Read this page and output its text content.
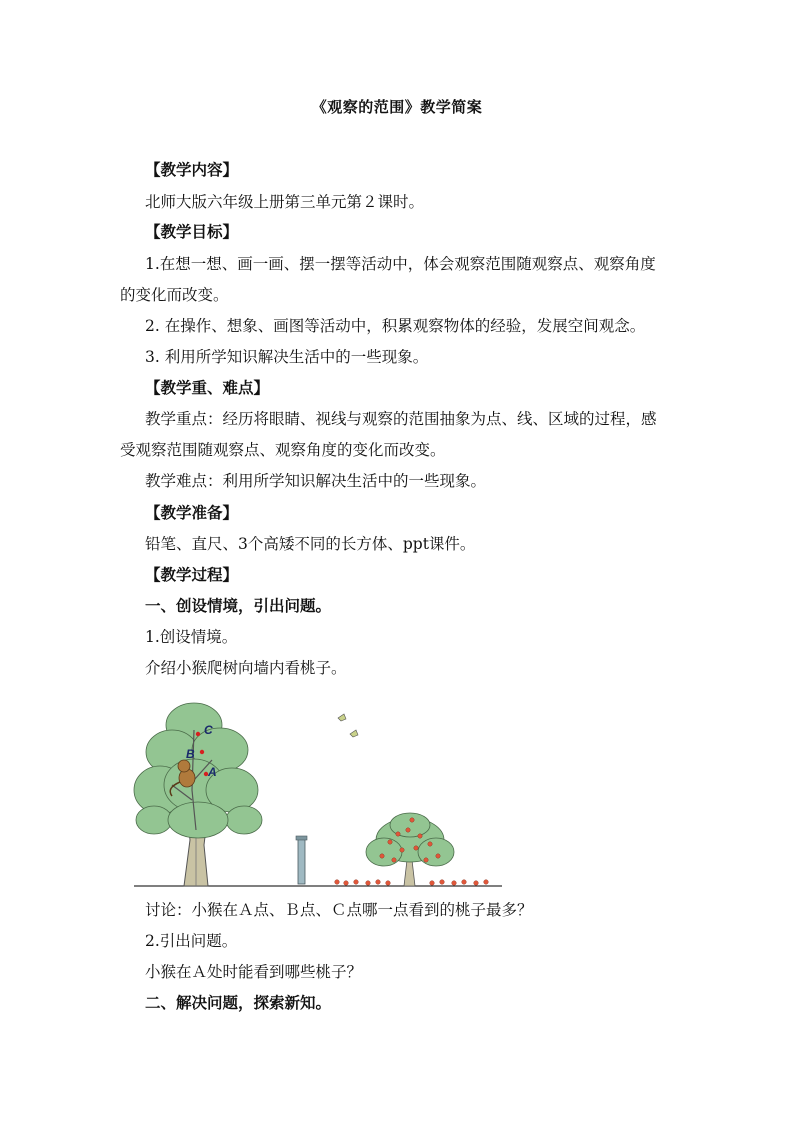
《观察的范围》教学简案
【教学内容】
北师大版六年级上册第三单元第２课时。
【教学目标】
1.在想一想、画一画、摆一摆等活动中，体会观察范围随观察点、观察角度
的变化而改变。
2. 在操作、想象、画图等活动中，积累观察物体的经验，发展空间观念。
3. 利用所学知识解决生活中的一些现象。
【教学重、难点】
教学重点：经历将眼睛、视线与观察的范围抽象为点、线、区域的过程，感
受观察范围随观察点、观察角度的变化而改变。
教学难点：利用所学知识解决生活中的一些现象。
【教学准备】
铅笔、直尺、3个高矮不同的长方体、ppt课件。
【教学过程】
一、创设情境，引出问题。
1.创设情境。
介绍小猴爬树向墙内看桃子。
A
B
C
讨论：小猴在Ａ点、Ｂ点、Ｃ点哪一点看到的桃子最多？
2.引出问题。
小猴在Ａ处时能看到哪些桃子？
二、解决问题，探索新知。
